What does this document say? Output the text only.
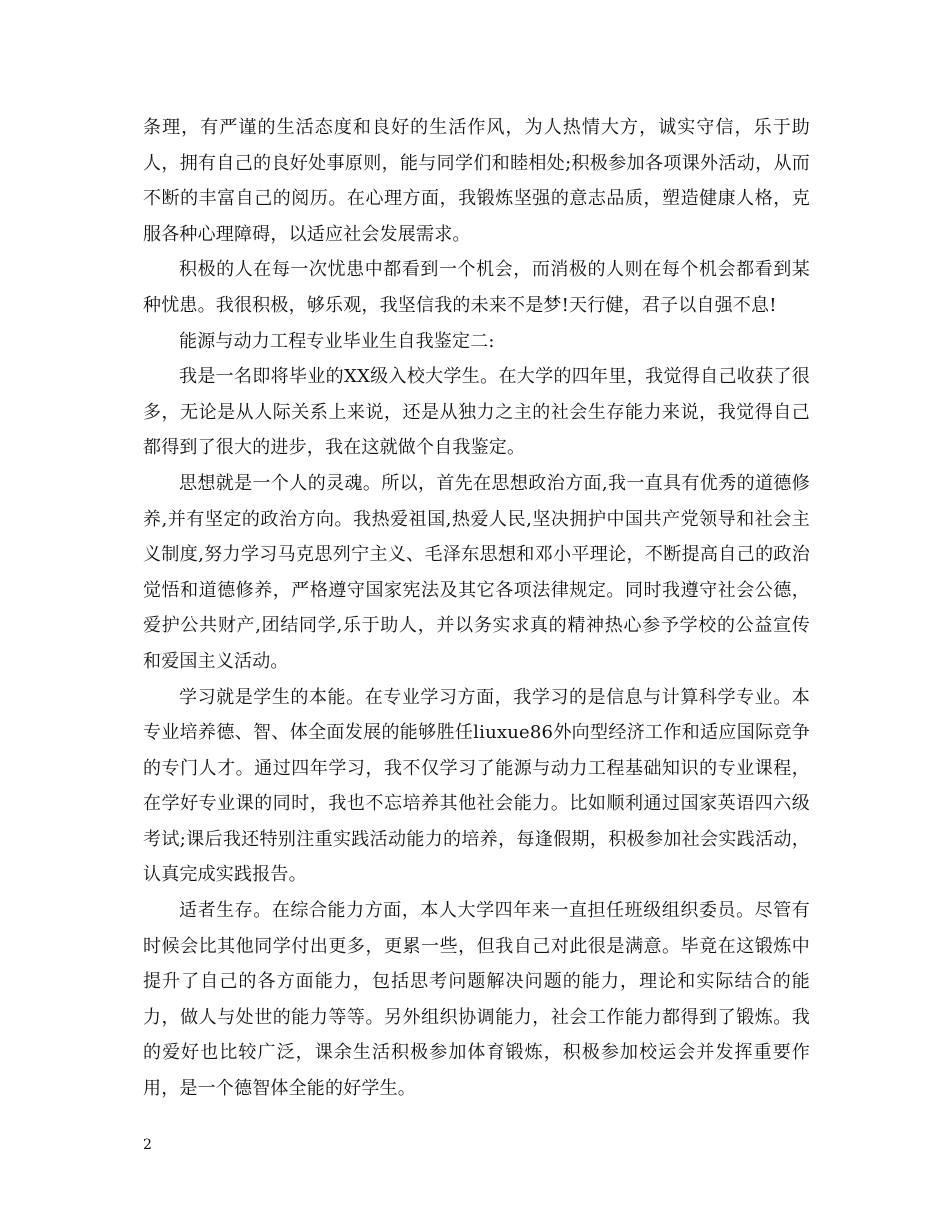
条理，有严谨的生活态度和良好的生活作风，为人热情大方，诚实守信，乐于助人，拥有自己的良好处事原则，能与同学们和睦相处;积极参加各项课外活动，从而不断的丰富自己的阅历。在心理方面，我锻炼坚强的意志品质，塑造健康人格，克服各种心理障碍，以适应社会发展需求。

积极的人在每一次忧患中都看到一个机会，而消极的人则在每个机会都看到某种忧患。我很积极，够乐观，我坚信我的未来不是梦!天行健，君子以自强不息!

能源与动力工程专业毕业生自我鉴定二:

我是一名即将毕业的XX级入校大学生。在大学的四年里，我觉得自己收获了很多，无论是从人际关系上来说，还是从独力之主的社会生存能力来说，我觉得自己都得到了很大的进步，我在这就做个自我鉴定。

思想就是一个人的灵魂。所以，首先在思想政治方面,我一直具有优秀的道德修养,并有坚定的政治方向。我热爱祖国,热爱人民,坚决拥护中国共产党领导和社会主义制度,努力学习马克思列宁主义、毛泽东思想和邓小平理论，不断提高自己的政治觉悟和道德修养，严格遵守国家宪法及其它各项法律规定。同时我遵守社会公德，爱护公共财产,团结同学,乐于助人，并以务实求真的精神热心参予学校的公益宣传和爱国主义活动。

学习就是学生的本能。在专业学习方面，我学习的是信息与计算科学专业。本专业培养德、智、体全面发展的能够胜任liuxue86外向型经济工作和适应国际竞争的专门人才。通过四年学习，我不仅学习了能源与动力工程基础知识的专业课程，在学好专业课的同时，我也不忘培养其他社会能力。比如顺利通过国家英语四六级考试;课后我还特别注重实践活动能力的培养，每逢假期，积极参加社会实践活动，认真完成实践报告。

适者生存。在综合能力方面，本人大学四年来一直担任班级组织委员。尽管有时候会比其他同学付出更多，更累一些，但我自己对此很是满意。毕竟在这锻炼中提升了自己的各方面能力，包括思考问题解决问题的能力，理论和实际结合的能力，做人与处世的能力等等。另外组织协调能力，社会工作能力都得到了锻炼。我的爱好也比较广泛，课余生活积极参加体育锻炼，积极参加校运会并发挥重要作用，是一个德智体全能的好学生。

2
